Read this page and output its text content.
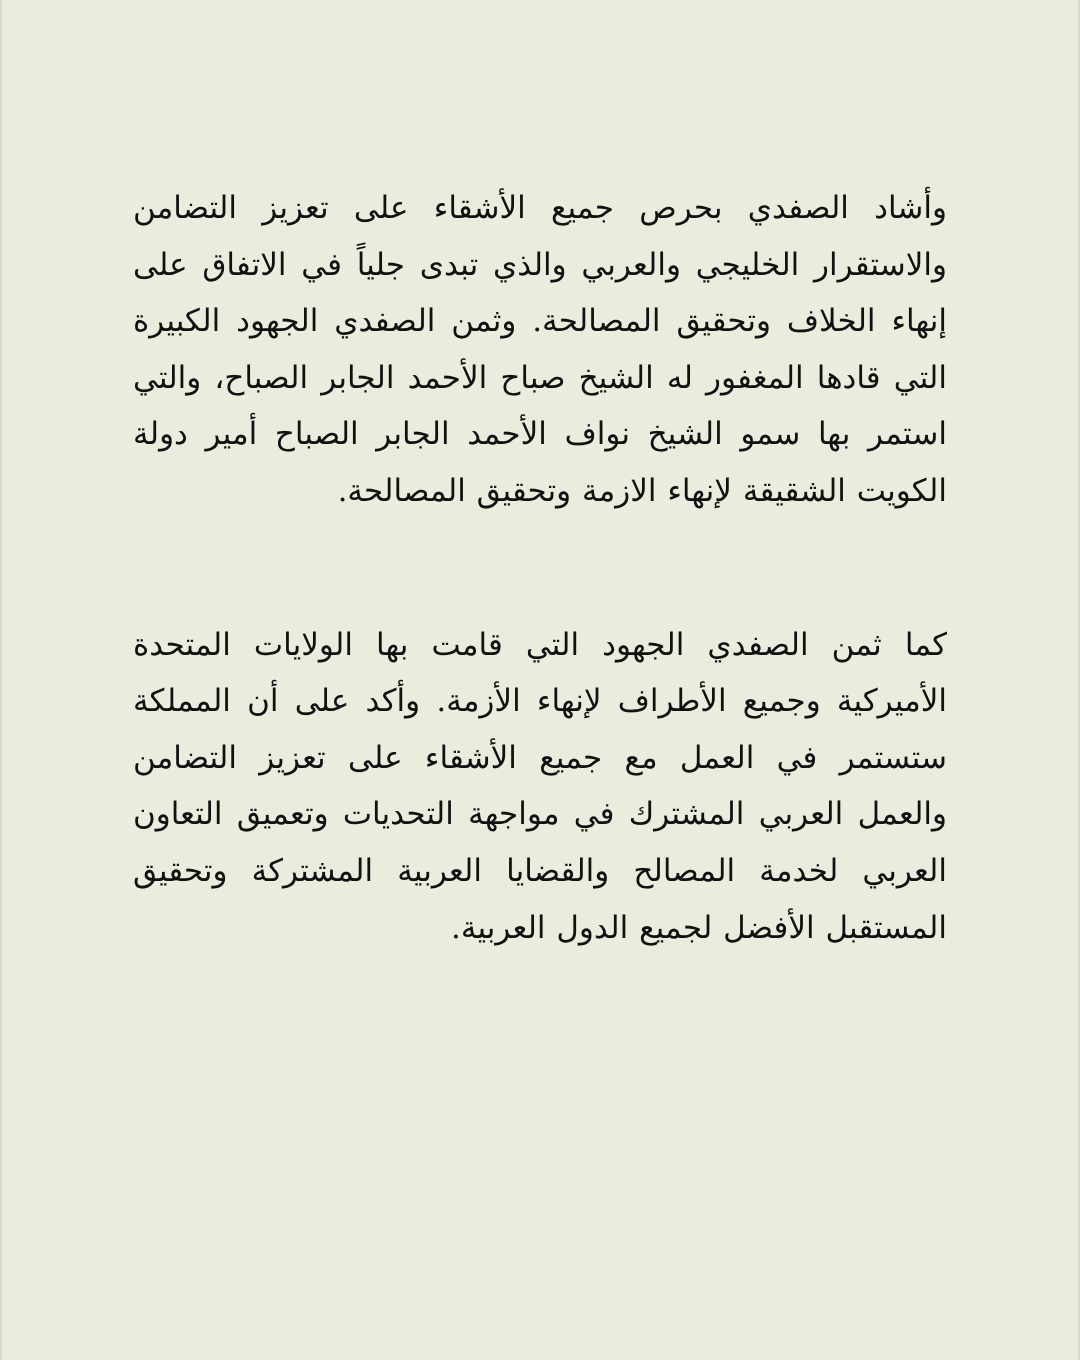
وأشاد الصفدي بحرص جميع الأشقاء على تعزيز التضامن والاستقرار الخليجي والعربي والذي تبدى جلياً في الاتفاق على إنهاء الخلاف وتحقيق المصالحة. وثمن الصفدي الجهود الكبيرة التي قادها المغفور له الشيخ صباح الأحمد الجابر الصباح، والتي استمر بها سمو الشيخ نواف الأحمد الجابر الصباح أمير دولة الكويت الشقيقة لإنهاء الازمة وتحقيق المصالحة.

كما ثمن الصفدي الجهود التي قامت بها الولايات المتحدة الأميركية وجميع الأطراف لإنهاء الأزمة. وأكد على أن المملكة ستستمر في العمل مع جميع الأشقاء على تعزيز التضامن والعمل العربي المشترك في مواجهة التحديات وتعميق التعاون العربي لخدمة المصالح والقضايا العربية المشتركة وتحقيق المستقبل الأفضل لجميع الدول العربية.
